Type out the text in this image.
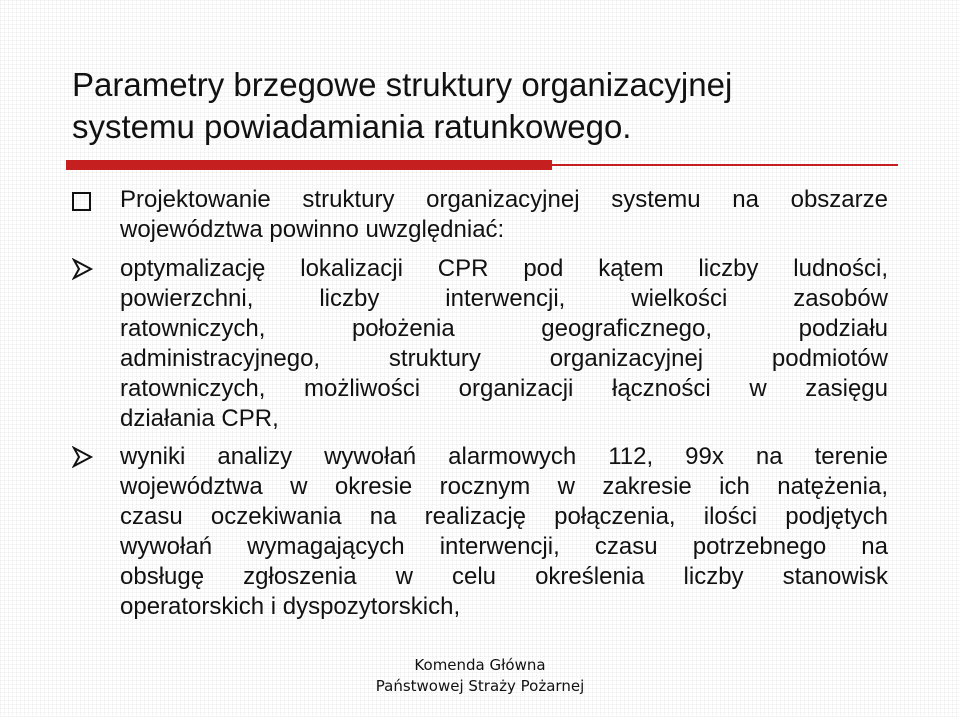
Parametry brzegowe struktury organizacyjnej
systemu powiadamiania ratunkowego.
Projektowanie struktury organizacyjnej systemu na obszarze
województwa powinno uwzględniać:
optymalizację lokalizacji CPR pod kątem liczby ludności,
powierzchni, liczby interwencji, wielkości zasobów
ratowniczych, położenia geograficznego, podziału
administracyjnego, struktury organizacyjnej podmiotów
ratowniczych, możliwości organizacji łączności w zasięgu
działania CPR,
wyniki analizy wywołań alarmowych 112, 99x na terenie
województwa w okresie rocznym w zakresie ich natężenia,
czasu oczekiwania na realizację połączenia, ilości podjętych
wywołań wymagających interwencji, czasu potrzebnego na
obsługę zgłoszenia w celu określenia liczby stanowisk
operatorskich i dyspozytorskich,
Komenda Główna
Państwowej Straży Pożarnej
